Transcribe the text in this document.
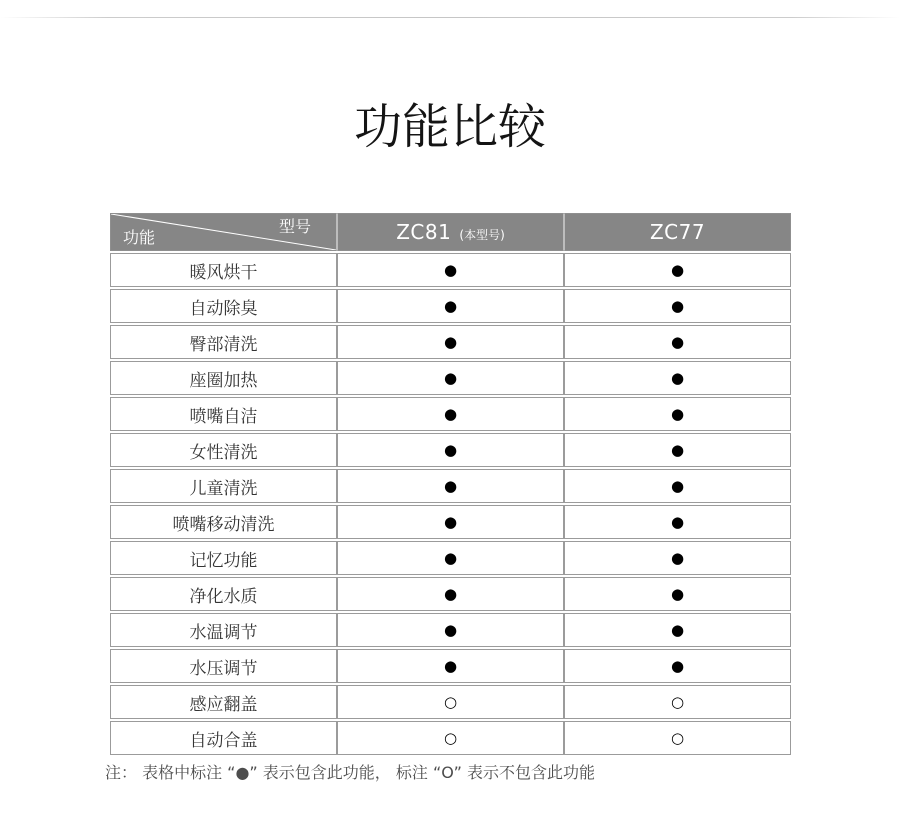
功能比较
型号
功能	ZC81 (本型号)	ZC77
暖风烘干	●	●
自动除臭	●	●
臀部清洗	●	●
座圈加热	●	●
喷嘴自洁	●	●
女性清洗	●	●
儿童清洗	●	●
喷嘴移动清洗	●	●
记忆功能	●	●
净化水质	●	●
水温调节	●	●
水压调节	●	●
感应翻盖	○	○
自动合盖	○	○

注： 表格中标注 “●” 表示包含此功能， 标注 “O” 表示不包含此功能
